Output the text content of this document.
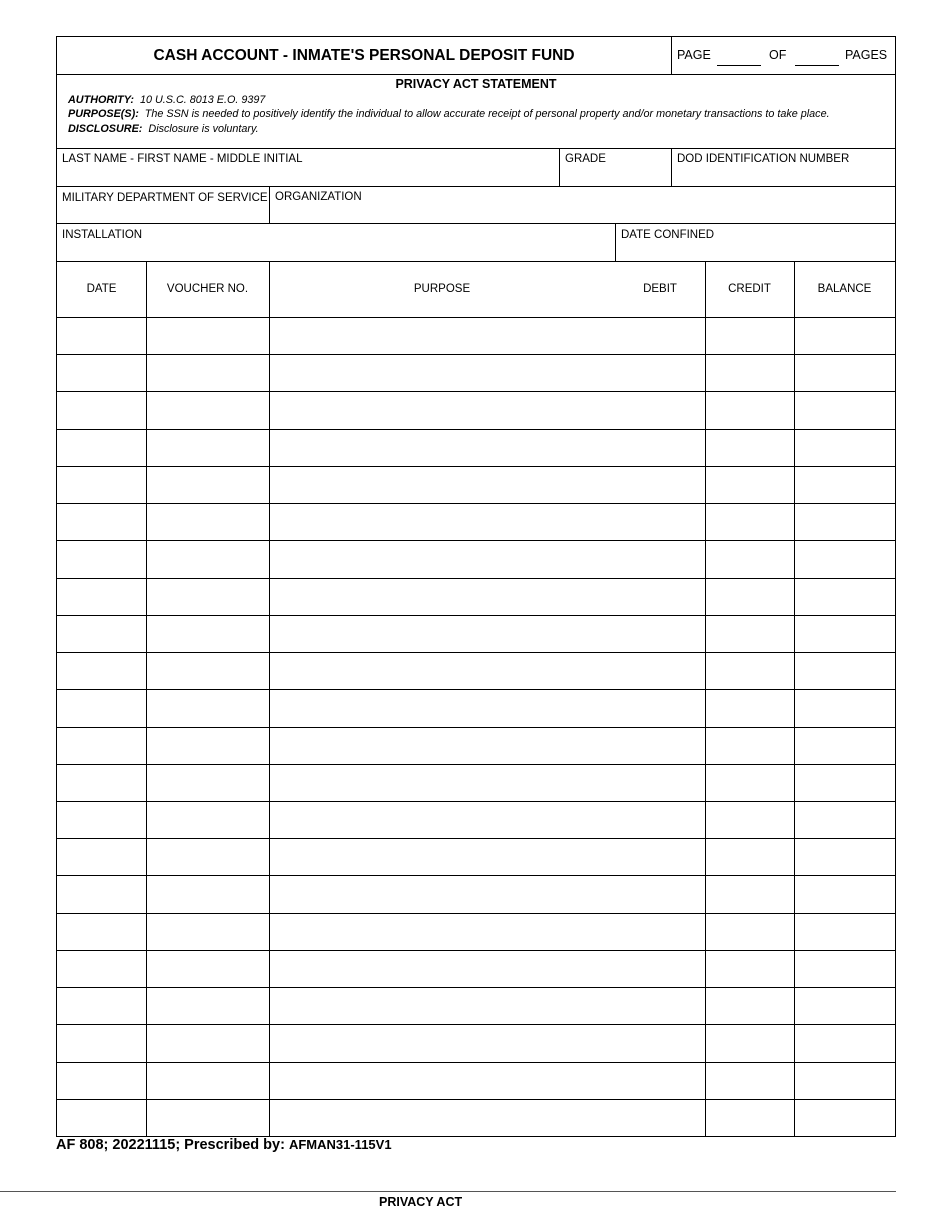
CASH ACCOUNT - INMATE'S PERSONAL DEPOSIT FUND	PAGE	OF	PAGES
PRIVACY ACT STATEMENT
AUTHORITY: 10 U.S.C. 8013 E.O. 9397
PURPOSE(S): The SSN is needed to positively identify the individual to allow accurate receipt of personal property and/or monetary transactions to take place.
DISCLOSURE: Disclosure is voluntary.
LAST NAME - FIRST NAME - MIDDLE INITIAL	GRADE	DOD IDENTIFICATION NUMBER
MILITARY DEPARTMENT OF SERVICE ORGANIZATION
INSTALLATION	DATE CONFINED
DATE	VOUCHER NO.	PURPOSE	DEBIT	CREDIT	BALANCE
AF 808; 20221115; Prescribed by: AFMAN31-115V1
PRIVACY ACT
